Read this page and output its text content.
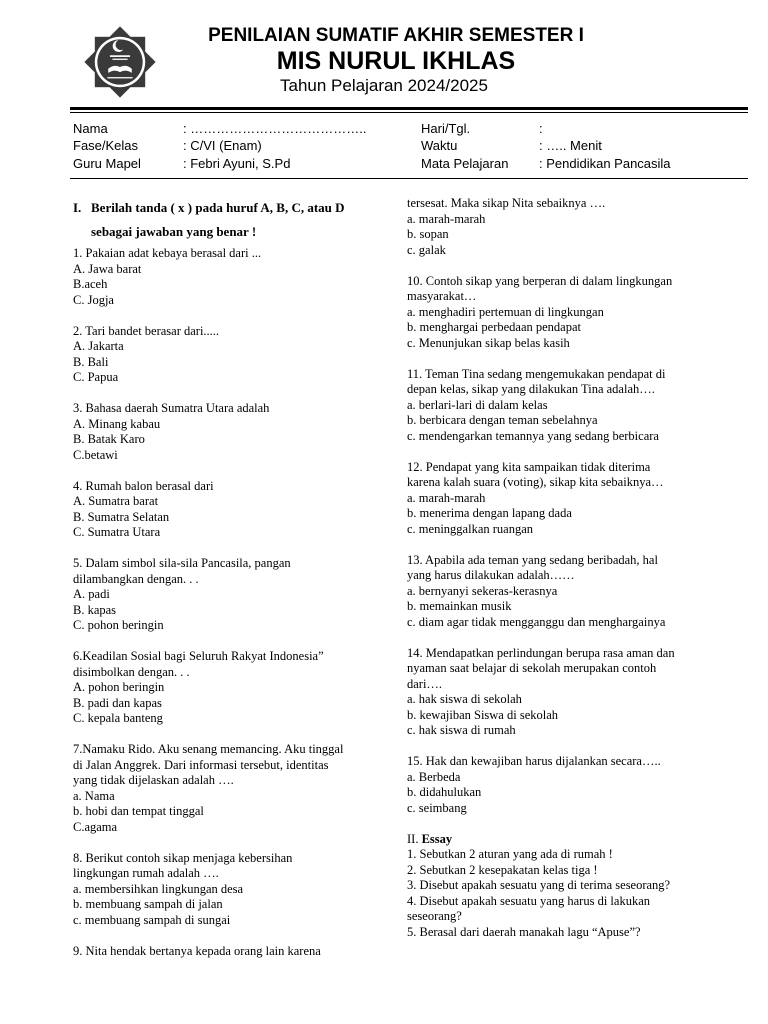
PENILAIAN SUMATIF AKHIR SEMESTER I
MIS NURUL IKHLAS
Tahun Pelajaran 2024/2025
Nama	: …………………………………..
Fase/Kelas	: C/VI (Enam)
Guru Mapel	: Febri Ayuni, S.Pd
Hari/Tgl.	:
Waktu	: ….. Menit
Mata Pelajaran : Pendidikan Pancasila
I. Berilah tanda ( x ) pada huruf A, B, C, atau D
sebagai jawaban yang benar !

1. Pakaian adat kebaya berasal dari ...

A. Jawa barat

B.aceh

C. Jogja

2. Tari bandet berasar dari.....

A. Jakarta

B. Bali

C. Papua

3. Bahasa daerah Sumatra Utara adalah

A. Minang kabau

B. Batak Karo

C.betawi

4. Rumah balon berasal dari

A. Sumatra barat

B. Sumatra Selatan

C. Sumatra Utara

5. Dalam simbol sila-sila Pancasila, pangan

dilambangkan dengan. . .

A. padi

B. kapas

C. pohon beringin

6.Keadilan Sosial bagi Seluruh Rakyat Indonesia”

disimbolkan dengan. . .

A. pohon beringin

B. padi dan kapas

C. kepala banteng

7.Namaku Rido. Aku senang memancing. Aku tinggal

di Jalan Anggrek. Dari informasi tersebut, identitas

yang tidak dijelaskan adalah ….

a. Nama

b. hobi dan tempat tinggal

C.agama

8. Berikut contoh sikap menjaga kebersihan

lingkungan rumah adalah ….

a. membersihkan lingkungan desa

b. membuang sampah di jalan

c. membuang sampah di sungai

9. Nita hendak bertanya kepada orang lain karena

tersesat. Maka sikap Nita sebaiknya ….

a. marah-marah

b. sopan

c. galak

10. Contoh sikap yang berperan di dalam lingkungan

masyarakat…

a. menghadiri pertemuan di lingkungan

b. menghargai perbedaan pendapat

c. Menunjukan sikap belas kasih

11. Teman Tina sedang mengemukakan pendapat di

depan kelas, sikap yang dilakukan Tina adalah….

a. berlari-lari di dalam kelas

b. berbicara dengan teman sebelahnya

c. mendengarkan temannya yang sedang berbicara

12. Pendapat yang kita sampaikan tidak diterima

karena kalah suara (voting), sikap kita sebaiknya…

a. marah-marah

b. menerima dengan lapang dada

c. meninggalkan ruangan

13. Apabila ada teman yang sedang beribadah, hal

yang harus dilakukan adalah……

a. bernyanyi sekeras-kerasnya

b. memainkan musik

c. diam agar tidak mengganggu dan menghargainya

14. Mendapatkan perlindungan berupa rasa aman dan

nyaman saat belajar di sekolah merupakan contoh

dari….

a. hak siswa di sekolah

b. kewajiban Siswa di sekolah

c. hak siswa di rumah

15. Hak dan kewajiban harus dijalankan secara…..

a. Berbeda

b. didahulukan

c. seimbang

II. Essay

1. Sebutkan 2 aturan yang ada di rumah !

2. Sebutkan 2 kesepakatan kelas tiga !

3. Disebut apakah sesuatu yang di terima seseorang?

4. Disebut apakah sesuatu yang harus di lakukan

seseorang?

5. Berasal dari daerah manakah lagu “Apuse”?
